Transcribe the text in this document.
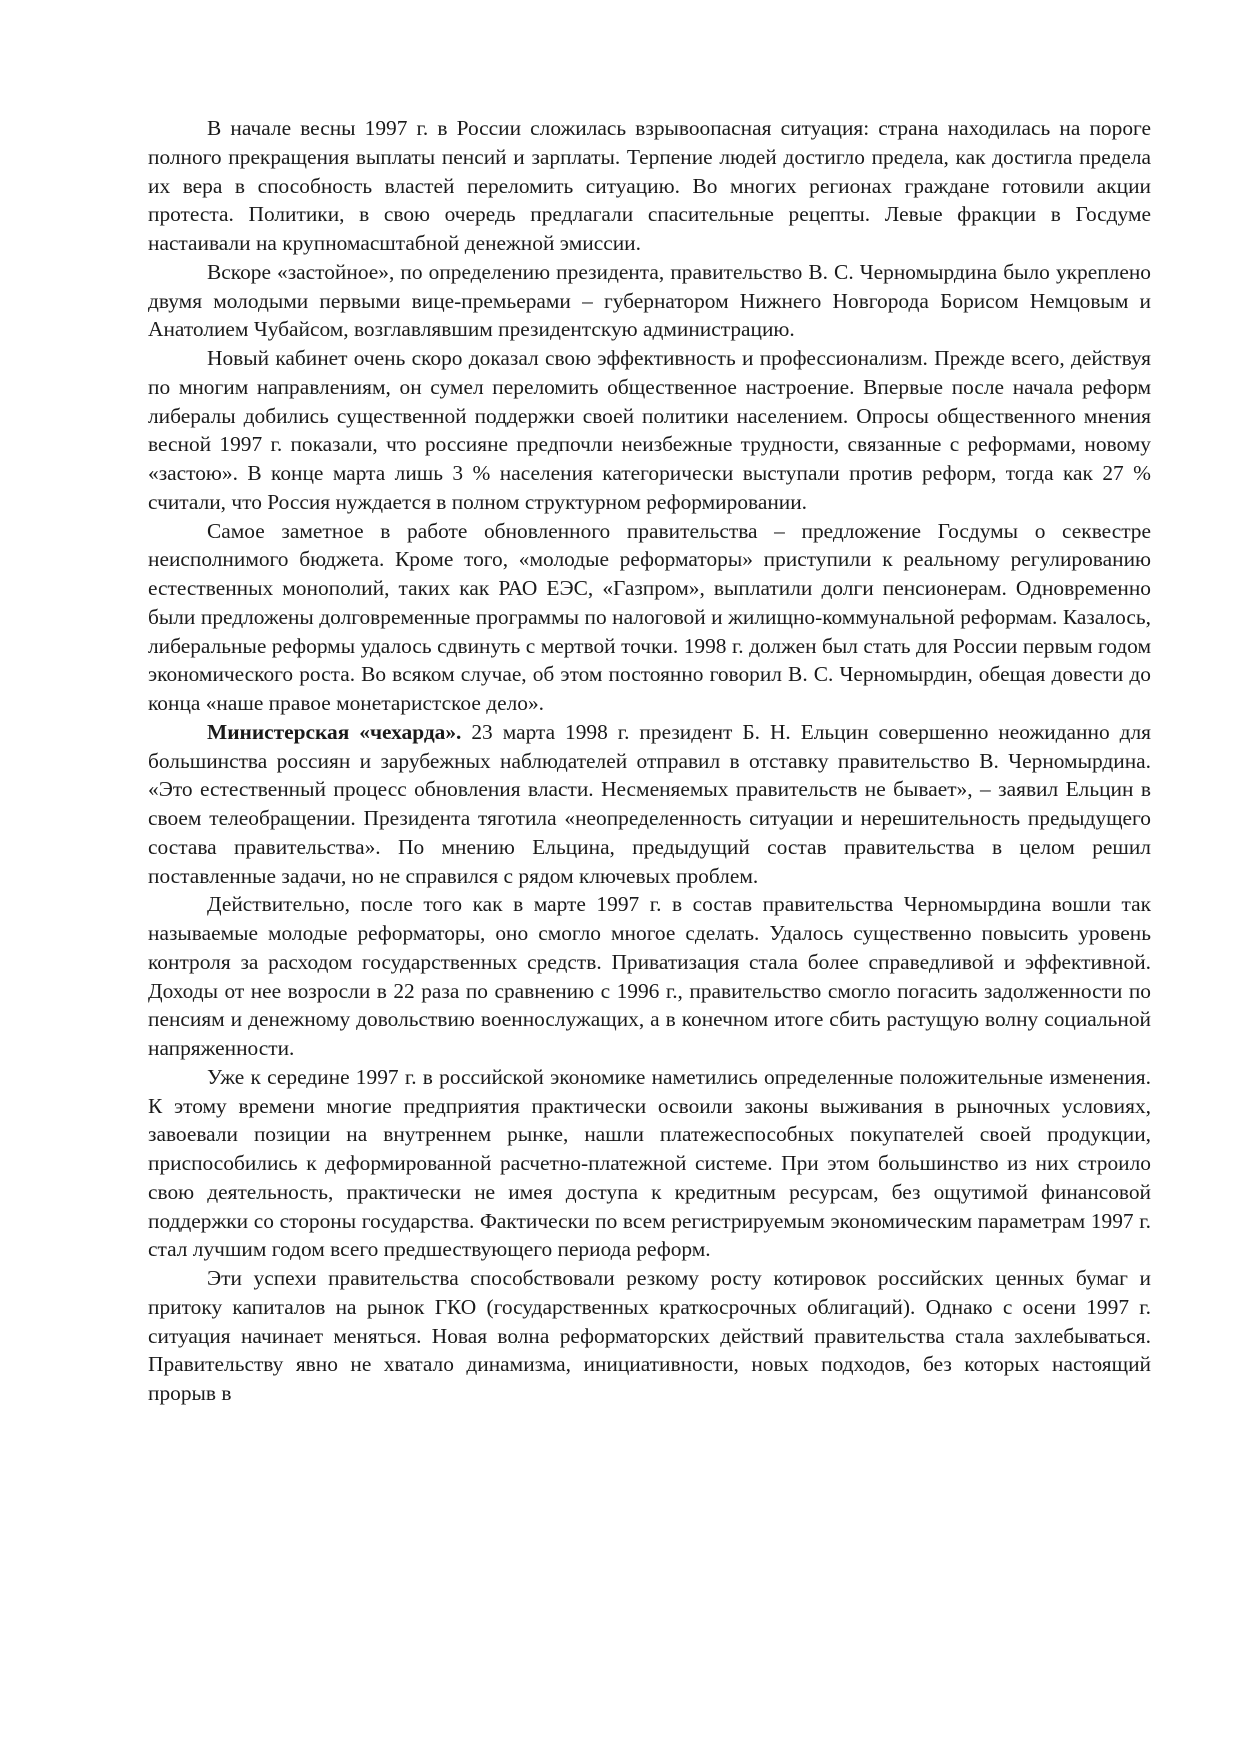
В начале весны 1997 г. в России сложилась взрывоопасная ситуация: страна находилась на пороге полного прекращения выплаты пенсий и зарплаты. Терпение людей достигло предела, как достигла предела их вера в способность властей переломить ситуацию. Во многих регионах граждане готовили акции протеста. Политики, в свою очередь предлагали спасительные рецепты. Левые фракции в Госдуме настаивали на крупномасштабной денежной эмиссии.

Вскоре «застойное», по определению президента, правительство В. С. Черномырдина было укреплено двумя молодыми первыми вице-премьерами – губернатором Нижнего Новгорода Борисом Немцовым и Анатолием Чубайсом, возглавлявшим президентскую администрацию.

Новый кабинет очень скоро доказал свою эффективность и профессионализм. Прежде всего, действуя по многим направлениям, он сумел переломить общественное настроение. Впервые после начала реформ либералы добились существенной поддержки своей политики населением. Опросы общественного мнения весной 1997 г. показали, что россияне предпочли неизбежные трудности, связанные с реформами, новому «застою». В конце марта лишь 3 % населения категорически выступали против реформ, тогда как 27 % считали, что Россия нуждается в полном структурном реформировании.

Самое заметное в работе обновленного правительства – предложение Госдумы о секвестре неисполнимого бюджета. Кроме того, «молодые реформаторы» приступили к реальному регулированию естественных монополий, таких как РАО ЕЭС, «Газпром», выплатили долги пенсионерам. Одновременно были предложены долговременные программы по налоговой и жилищно-коммунальной реформам. Казалось, либеральные реформы удалось сдвинуть с мертвой точки. 1998 г. должен был стать для России первым годом экономического роста. Во всяком случае, об этом постоянно говорил В. С. Черномырдин, обещая довести до конца «наше правое монетаристское дело».

Министерская «чехарда». 23 марта 1998 г. президент Б. Н. Ельцин совершенно неожиданно для большинства россиян и зарубежных наблюдателей отправил в отставку правительство В. Черномырдина. «Это естественный процесс обновления власти. Несменяемых правительств не бывает», – заявил Ельцин в своем телеобращении. Президента тяготила «неопределенность ситуации и нерешительность предыдущего состава правительства». По мнению Ельцина, предыдущий состав правительства в целом решил поставленные задачи, но не справился с рядом ключевых проблем.

Действительно, после того как в марте 1997 г. в состав правительства Черномырдина вошли так называемые молодые реформаторы, оно смогло многое сделать. Удалось существенно повысить уровень контроля за расходом государственных средств. Приватизация стала более справедливой и эффективной. Доходы от нее возросли в 22 раза по сравнению с 1996 г., правительство смогло погасить задолженности по пенсиям и денежному довольствию военнослужащих, а в конечном итоге сбить растущую волну социальной напряженности.

Уже к середине 1997 г. в российской экономике наметились определенные положительные изменения. К этому времени многие предприятия практически освоили законы выживания в рыночных условиях, завоевали позиции на внутреннем рынке, нашли платежеспособных покупателей своей продукции, приспособились к деформированной расчетно-платежной системе. При этом большинство из них строило свою деятельность, практически не имея доступа к кредитным ресурсам, без ощутимой финансовой поддержки со стороны государства. Фактически по всем регистрируемым экономическим параметрам 1997 г. стал лучшим годом всего предшествующего периода реформ.

Эти успехи правительства способствовали резкому росту котировок российских ценных бумаг и притоку капиталов на рынок ГКО (государственных краткосрочных облигаций). Однако с осени 1997 г. ситуация начинает меняться. Новая волна реформаторских действий правительства стала захлебываться. Правительству явно не хватало динамизма, инициативности, новых подходов, без которых настоящий прорыв в
